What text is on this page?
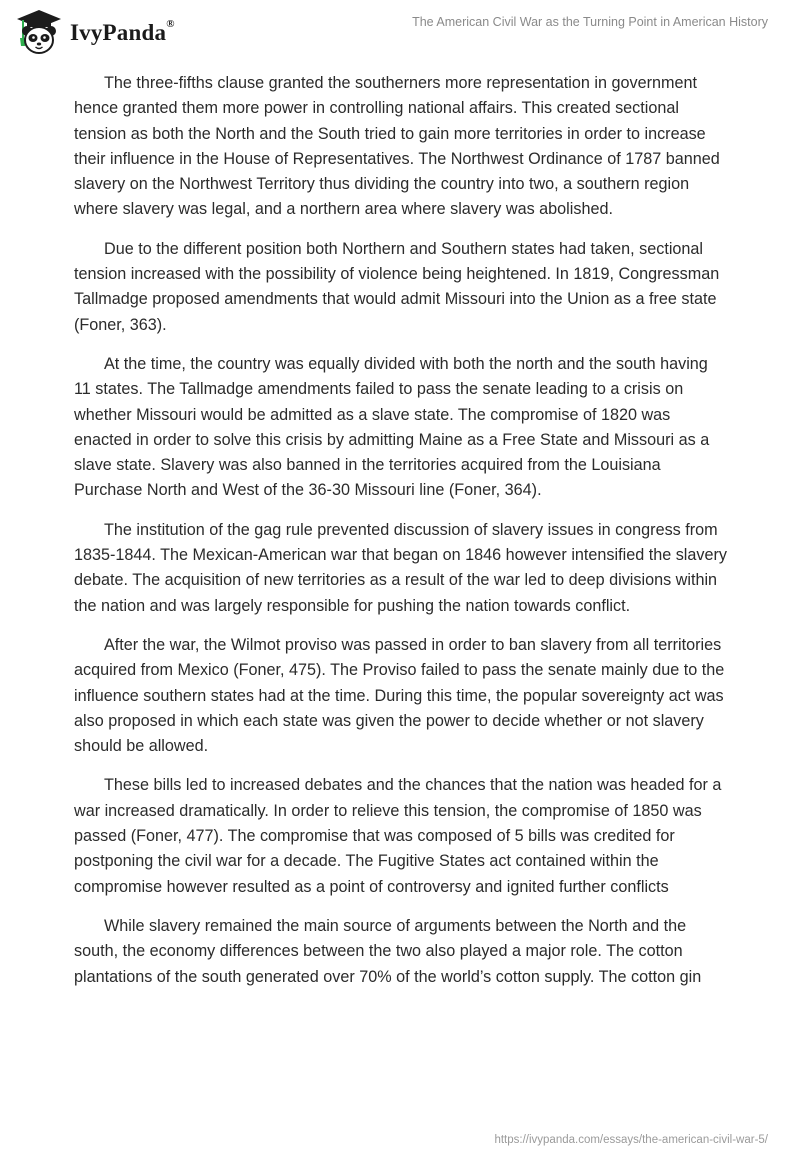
IvyPanda®	The American Civil War as the Turning Point in American History

The three-fifths clause granted the southerners more representation in government hence granted them more power in controlling national affairs. This created sectional tension as both the North and the South tried to gain more territories in order to increase their influence in the House of Representatives. The Northwest Ordinance of 1787 banned slavery on the Northwest Territory thus dividing the country into two, a southern region where slavery was legal, and a northern area where slavery was abolished.

Due to the different position both Northern and Southern states had taken, sectional tension increased with the possibility of violence being heightened. In 1819, Congressman Tallmadge proposed amendments that would admit Missouri into the Union as a free state (Foner, 363).

At the time, the country was equally divided with both the north and the south having 11 states. The Tallmadge amendments failed to pass the senate leading to a crisis on whether Missouri would be admitted as a slave state. The compromise of 1820 was enacted in order to solve this crisis by admitting Maine as a Free State and Missouri as a slave state. Slavery was also banned in the territories acquired from the Louisiana Purchase North and West of the 36-30 Missouri line (Foner, 364).

The institution of the gag rule prevented discussion of slavery issues in congress from 1835-1844. The Mexican-American war that began on 1846 however intensified the slavery debate. The acquisition of new territories as a result of the war led to deep divisions within the nation and was largely responsible for pushing the nation towards conflict.

After the war, the Wilmot proviso was passed in order to ban slavery from all territories acquired from Mexico (Foner, 475). The Proviso failed to pass the senate mainly due to the influence southern states had at the time. During this time, the popular sovereignty act was also proposed in which each state was given the power to decide whether or not slavery should be allowed.

These bills led to increased debates and the chances that the nation was headed for a war increased dramatically. In order to relieve this tension, the compromise of 1850 was passed (Foner, 477). The compromise that was composed of 5 bills was credited for postponing the civil war for a decade. The Fugitive States act contained within the compromise however resulted as a point of controversy and ignited further conflicts

While slavery remained the main source of arguments between the North and the south, the economy differences between the two also played a major role. The cotton plantations of the south generated over 70% of the world’s cotton supply. The cotton gin

https://ivypanda.com/essays/the-american-civil-war-5/
